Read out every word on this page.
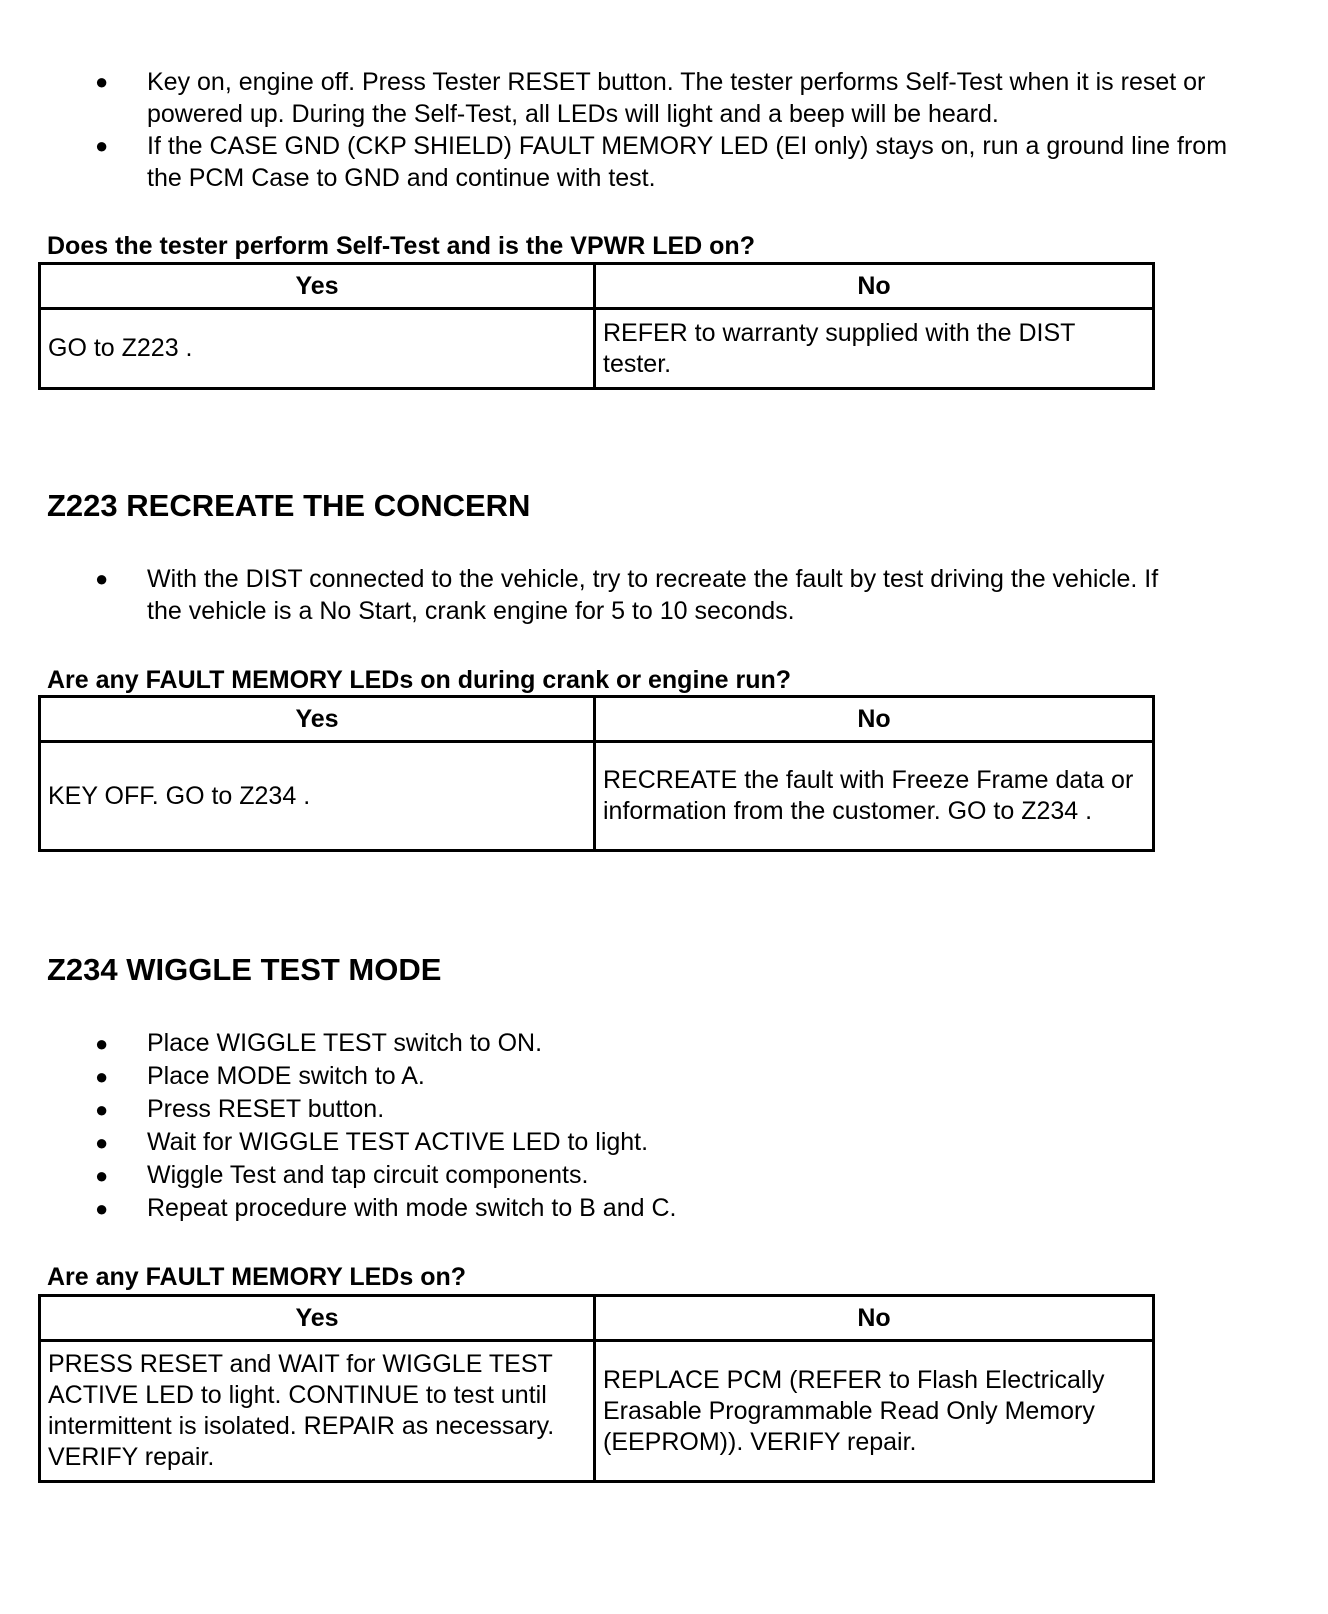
● Key on, engine off. Press Tester RESET button. The tester performs Self-Test when it is reset or powered up. During the Self-Test, all LEDs will light and a beep will be heard.
● If the CASE GND (CKP SHIELD) FAULT MEMORY LED (EI only) stays on, run a ground line from the PCM Case to GND and continue with test.
Does the tester perform Self-Test and is the VPWR LED on?
Yes	No
GO to Z223 .	REFER to warranty supplied with the DIST tester.
Z223 RECREATE THE CONCERN
● With the DIST connected to the vehicle, try to recreate the fault by test driving the vehicle. If the vehicle is a No Start, crank engine for 5 to 10 seconds.
Are any FAULT MEMORY LEDs on during crank or engine run?
Yes	No
KEY OFF. GO to Z234 .	RECREATE the fault with Freeze Frame data or information from the customer. GO to Z234 .
Z234 WIGGLE TEST MODE
● Place WIGGLE TEST switch to ON.
● Place MODE switch to A.
● Press RESET button.
● Wait for WIGGLE TEST ACTIVE LED to light.
● Wiggle Test and tap circuit components.
● Repeat procedure with mode switch to B and C.
Are any FAULT MEMORY LEDs on?
Yes	No
PRESS RESET and WAIT for WIGGLE TEST ACTIVE LED to light. CONTINUE to test until intermittent is isolated. REPAIR as necessary. VERIFY repair.	REPLACE PCM (REFER to Flash Electrically Erasable Programmable Read Only Memory (EEPROM)). VERIFY repair.
